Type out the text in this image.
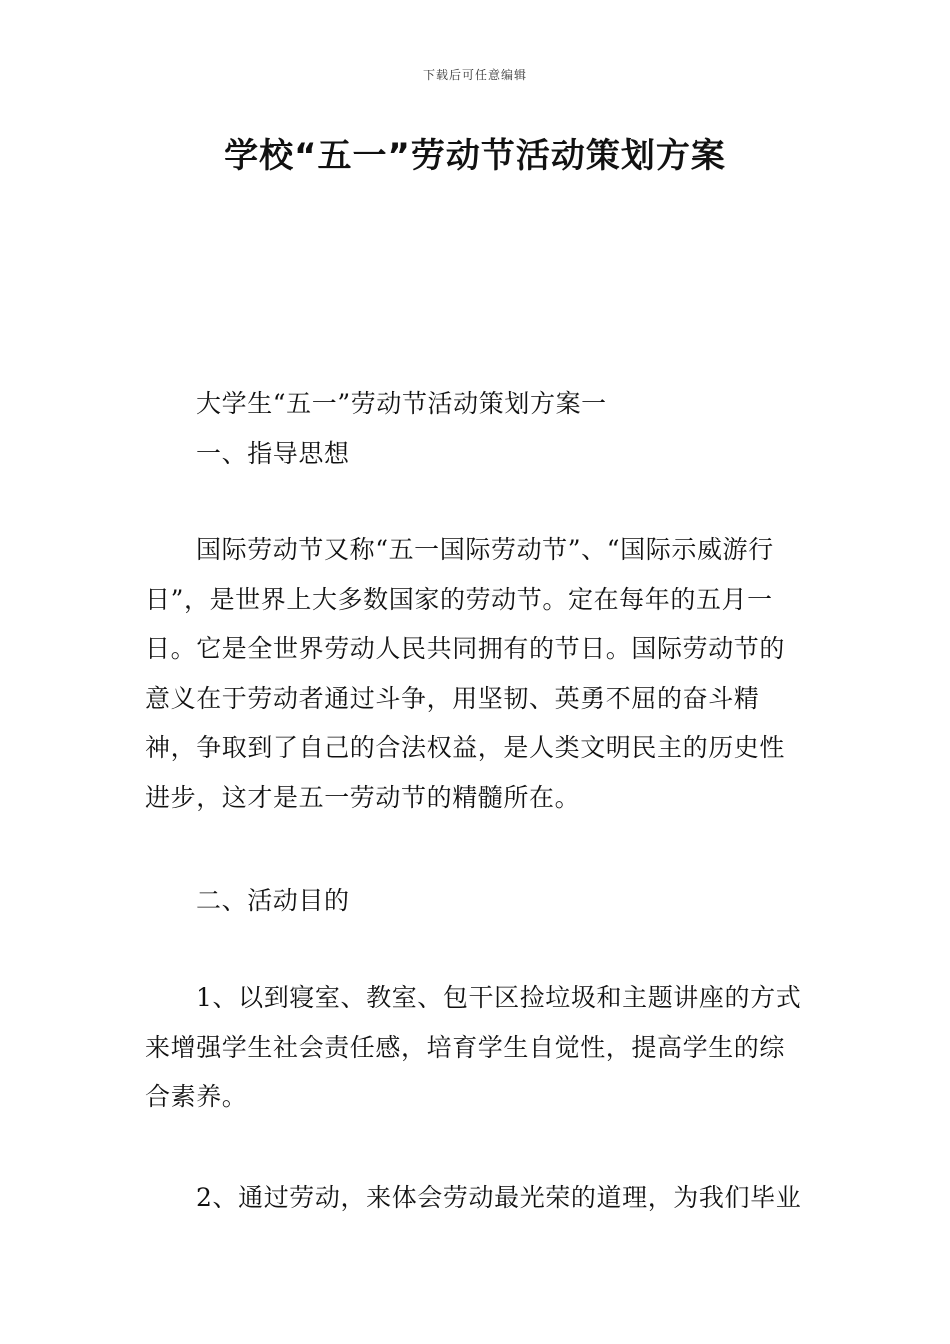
下载后可任意编辑
学校“五一”劳动节活动策划方案

大学生“五一”劳动节活动策划方案一

一、指导思想

国际劳动节又称“五一国际劳动节”、“国际示威游行日”，是世界上大多数国家的劳动节。定在每年的五月一日。它是全世界劳动人民共同拥有的节日。国际劳动节的意义在于劳动者通过斗争，用坚韧、英勇不屈的奋斗精神，争取到了自己的合法权益，是人类文明民主的历史性进步，这才是五一劳动节的精髓所在。

二、活动目的

1、以到寝室、教室、包干区捡垃圾和主题讲座的方式来增强学生社会责任感，培育学生自觉性，提高学生的综合素养。

2、通过劳动，来体会劳动最光荣的道理，为我们毕业
